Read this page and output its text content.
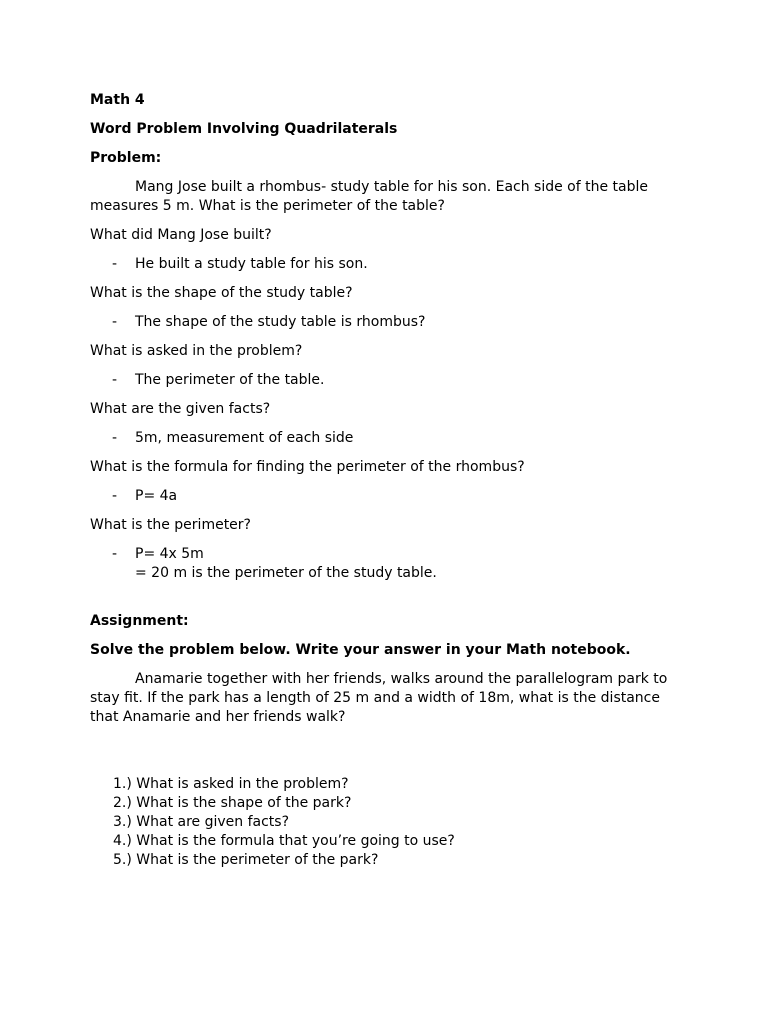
Math 4
Word Problem Involving Quadrilaterals
Problem:
Mang Jose built a rhombus- study table for his son. Each side of the table measures 5 m. What is the perimeter of the table?
What did Mang Jose built?
- He built a study table for his son.
What is the shape of the study table?
- The shape of the study table is rhombus?
What is asked in the problem?
- The perimeter of the table.
What are the given facts?
- 5m, measurement of each side
What is the formula for finding the perimeter of the rhombus?
- P= 4a
What is the perimeter?
- P= 4x 5m
= 20 m is the perimeter of the study table.
Assignment:
Solve the problem below. Write your answer in your Math notebook.
Anamarie together with her friends, walks around the parallelogram park to stay fit. If the park has a length of 25 m and a width of 18m, what is the distance that Anamarie and her friends walk?
1.) What is asked in the problem?
2.) What is the shape of the park?
3.) What are given facts?
4.) What is the formula that you’re going to use?
5.) What is the perimeter of the park?
